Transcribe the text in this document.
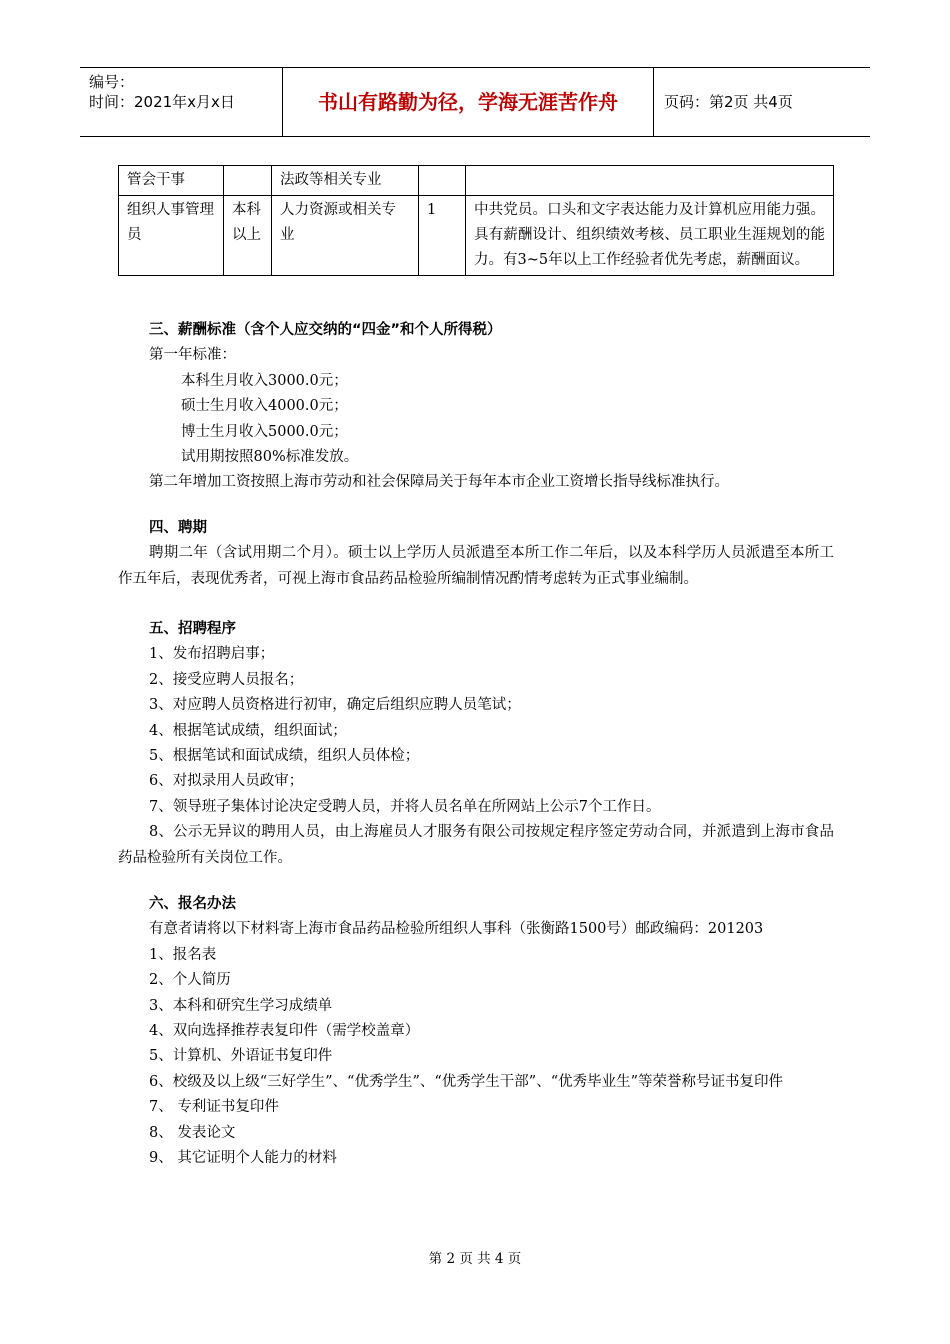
编号：
时间：2021年x月x日	书山有路勤为径，学海无涯苦作舟	页码：第2页 共4页
管会干事		法政等相关专业		
组织人事管理员	本科以上	人力资源或相关专业	1	中共党员。口头和文字表达能力及计算机应用能力强。具有薪酬设计、组织绩效考核、员工职业生涯规划的能力。有3~5年以上工作经验者优先考虑，薪酬面议。
三、薪酬标准（含个人应交纳的“四金”和个人所得税）

第一年标准：

本科生月收入3000.0元；

硕士生月收入4000.0元；

博士生月收入5000.0元；

试用期按照80%标准发放。

第二年增加工资按照上海市劳动和社会保障局关于每年本市企业工资增长指导线标准执行。

四、聘期

聘期二年（含试用期二个月）。硕士以上学历人员派遣至本所工作二年后，以及本科学历人员派遣至本所工作五年后，表现优秀者，可视上海市食品药品检验所编制情况酌情考虑转为正式事业编制。

五、招聘程序

1、发布招聘启事；

2、接受应聘人员报名；

3、对应聘人员资格进行初审，确定后组织应聘人员笔试；

4、根据笔试成绩，组织面试；

5、根据笔试和面试成绩，组织人员体检；

6、对拟录用人员政审；

7、领导班子集体讨论决定受聘人员，并将人员名单在所网站上公示7个工作日。

8、公示无异议的聘用人员，由上海雇员人才服务有限公司按规定程序签定劳动合同，并派遣到上海市食品药品检验所有关岗位工作。

六、报名办法

有意者请将以下材料寄上海市食品药品检验所组织人事科（张衡路1500号）邮政编码：201203

1、报名表

2、个人简历

3、本科和研究生学习成绩单

4、双向选择推荐表复印件（需学校盖章）

5、计算机、外语证书复印件

6、校级及以上级“三好学生”、“优秀学生”、“优秀学生干部”、“优秀毕业生”等荣誉称号证书复印件

7、 专利证书复印件

8、 发表论文

9、 其它证明个人能力的材料

第 2 页 共 4 页
